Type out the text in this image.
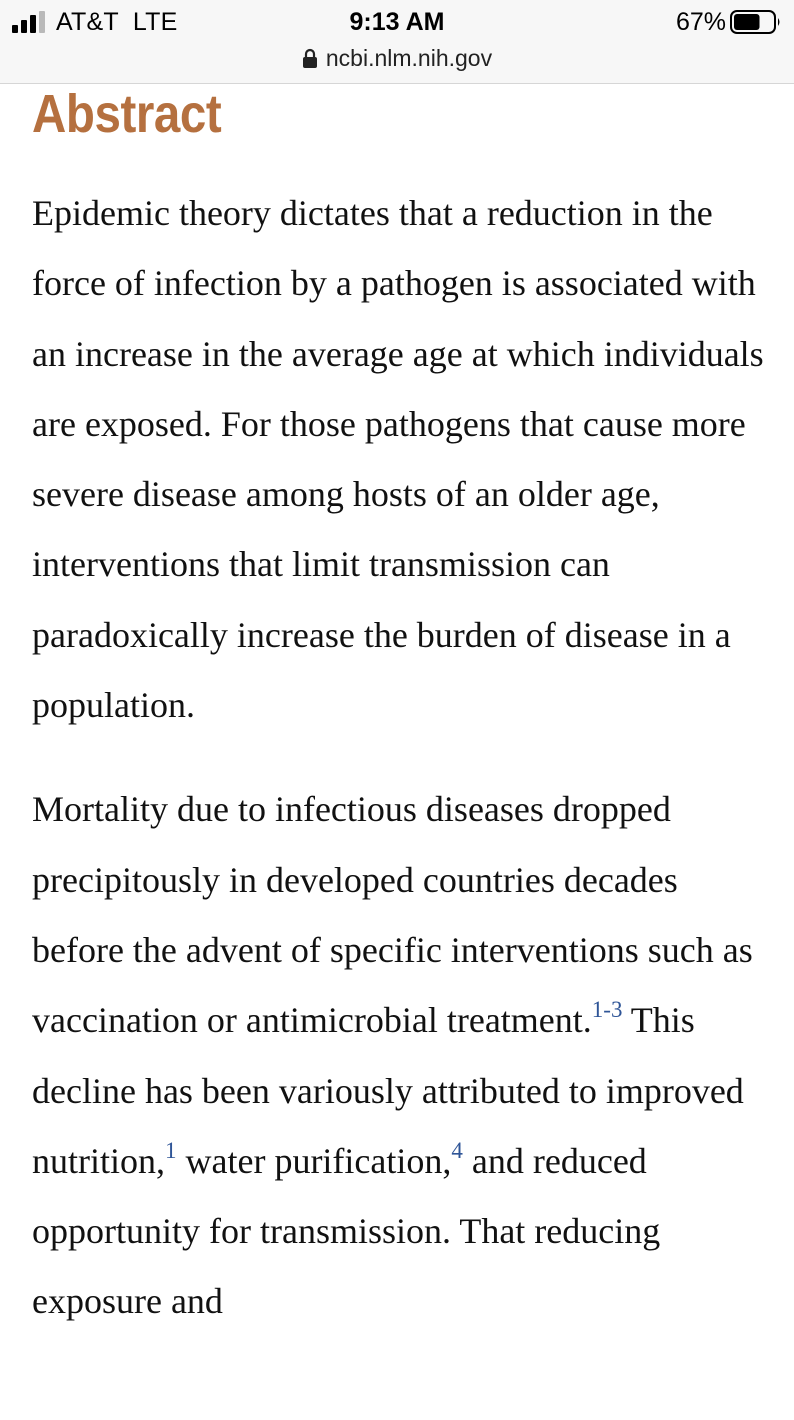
AT&T LTE	9:13 AM	67%
ncbi.nlm.nih.gov
Abstract

Epidemic theory dictates that a reduction in the force of infection by a pathogen is associated with an increase in the average age at which individuals are exposed. For those pathogens that cause more severe disease among hosts of an older age, interventions that limit transmission can paradoxically increase the burden of disease in a population.

Mortality due to infectious diseases dropped precipitously in developed countries decades before the advent of specific interventions such as vaccination or antimicrobial treatment.$^{1-3}$ This decline has been variously attributed to improved nutrition,$^1$ water purification,$^4$ and reduced opportunity for transmission. That reducing exposure and
